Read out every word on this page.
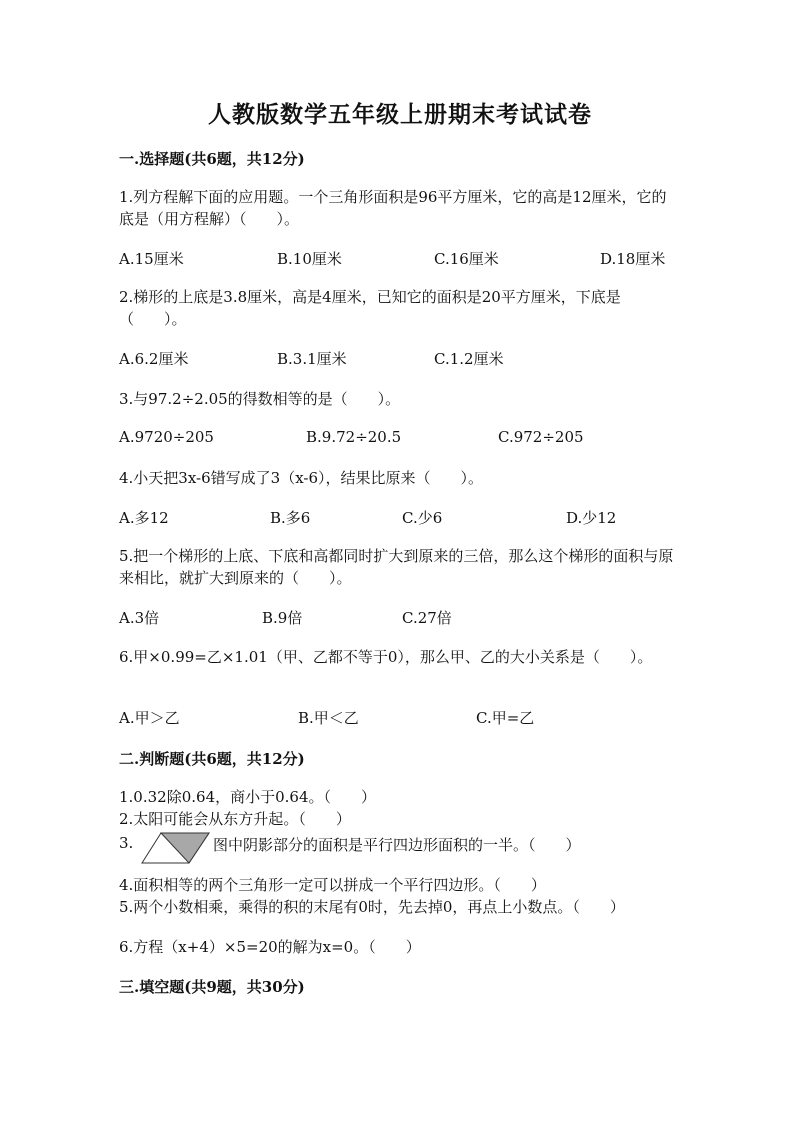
人教版数学五年级上册期末考试试卷
一.选择题(共6题，共12分)
1.列方程解下面的应用题。一个三角形面积是96平方厘米，它的高是12厘米，它的底是（用方程解）（　　）。
A.15厘米	B.10厘米	C.16厘米	D.18厘米
2.梯形的上底是3.8厘米，高是4厘米，已知它的面积是20平方厘米，下底是（　　）。
A.6.2厘米	B.3.1厘米	C.1.2厘米
3.与97.2÷2.05的得数相等的是（　　）。
A.9720÷205	B.9.72÷20.5	C.972÷205
4.小天把3x-6错写成了3（x-6），结果比原来（　　）。
A.多12	B.多6	C.少6	D.少12
5.把一个梯形的上底、下底和高都同时扩大到原来的三倍，那么这个梯形的面积与原来相比，就扩大到原来的（　　）。
A.3倍	B.9倍	C.27倍
6.甲×0.99=乙×1.01（甲、乙都不等于0），那么甲、乙的大小关系是（　　）。
A.甲＞乙	B.甲＜乙	C.甲=乙
二.判断题(共6题，共12分)
1.0.32除0.64，商小于0.64。（　　）
2.太阳可能会从东方升起。（　　）
3.	图中阴影部分的面积是平行四边形面积的一半。（　　）
4.面积相等的两个三角形一定可以拼成一个平行四边形。（　　）
5.两个小数相乘，乘得的积的末尾有0时，先去掉0，再点上小数点。（　　）
6.方程（x+4）×5=20的解为x=0。（　　）
三.填空题(共9题，共30分)
